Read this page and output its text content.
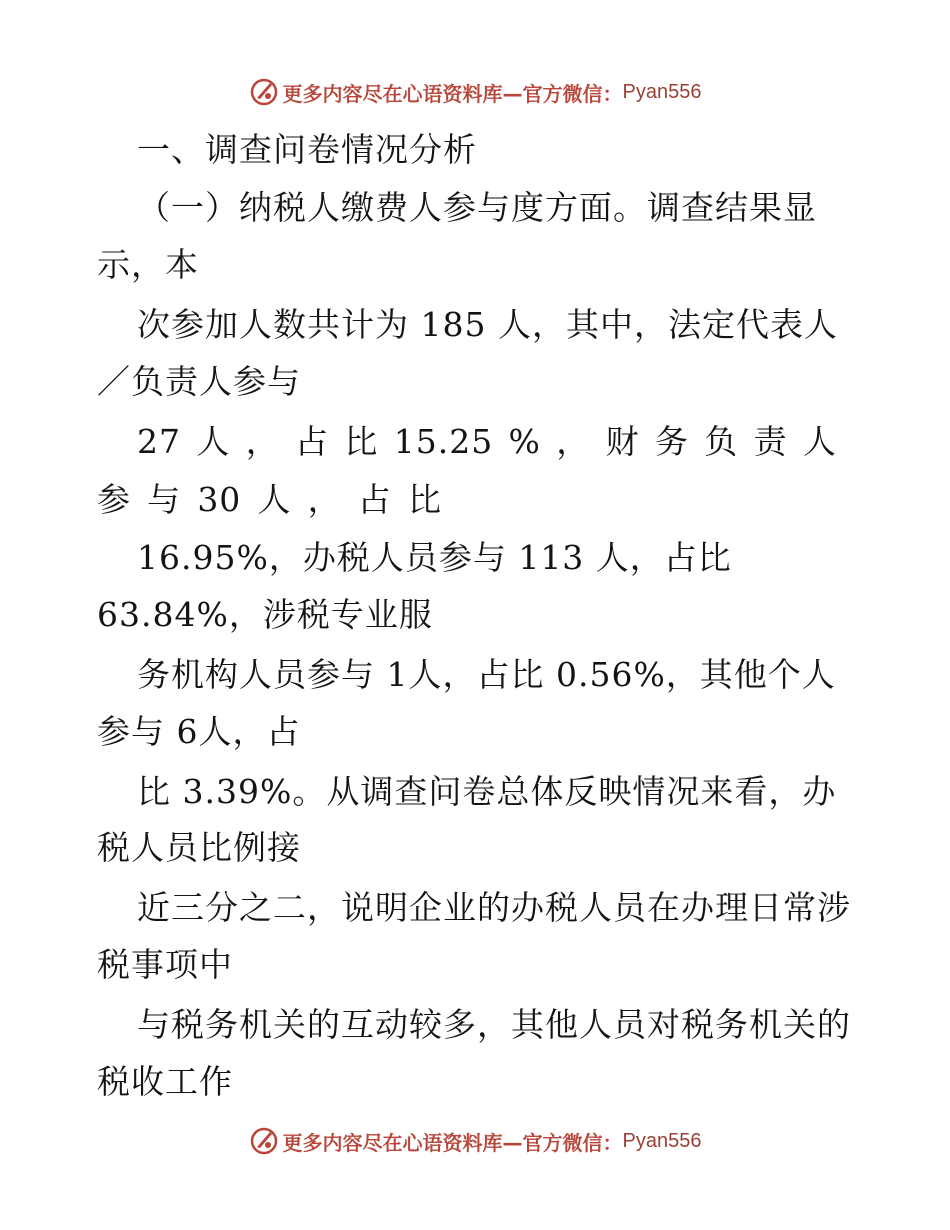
更多内容尽在心语资料库—官方微信： Pyan556
一、调查问卷情况分析
（一）纳税人缴费人参与度方面。调查结果显
示，本
次参加人数共计为 185 人，其中，法定代表人
／负责人参与
27 人 ， 占 比 15.25 % ， 财 务 负 责 人
参 与 30 人 ， 占 比
16.95%，办税人员参与 113 人，占比
63.84%，涉税专业服
务机构人员参与 1人，占比 0.56%，其他个人
参与 6人，占
比 3.39%。从调查问卷总体反映情况来看，办
税人员比例接
近三分之二，说明企业的办税人员在办理日常涉
税事项中
与税务机关的互动较多，其他人员对税务机关的
税收工作
更多内容尽在心语资料库—官方微信： Pyan556
